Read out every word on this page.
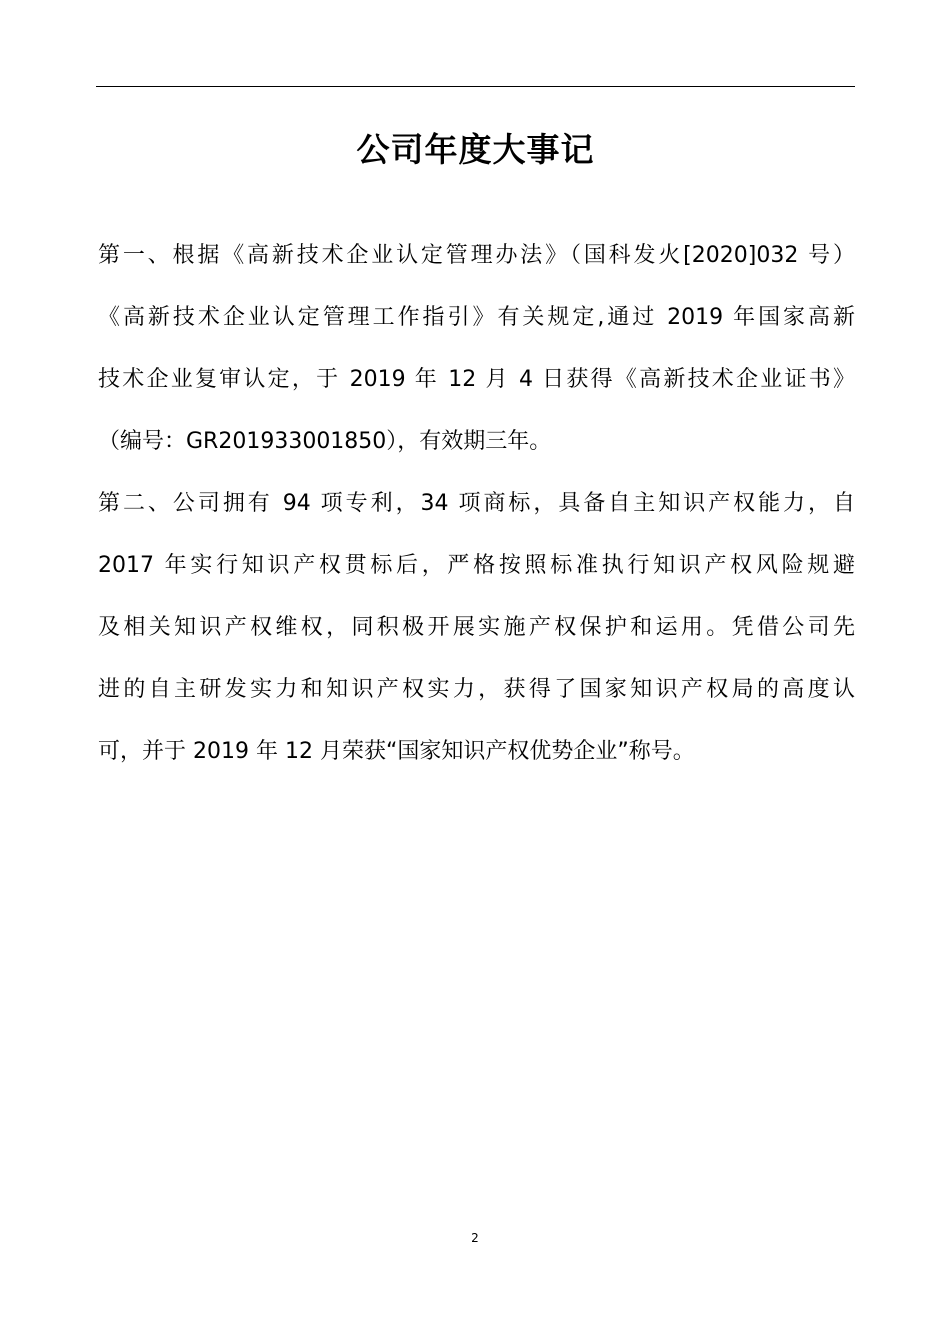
公司年度大事记
第一、根据《高新技术企业认定管理办法》（国科发火[2020]032 号）
《高新技术企业认定管理工作指引》有关规定,通过 2019 年国家高新
技术企业复审认定，于 2019 年 12 月 4 日获得《高新技术企业证书》
（编号：GR201933001850），有效期三年。
第二、公司拥有 94 项专利，34 项商标，具备自主知识产权能力，自
2017 年实行知识产权贯标后，严格按照标准执行知识产权风险规避
及相关知识产权维权，同积极开展实施产权保护和运用。凭借公司先
进的自主研发实力和知识产权实力，获得了国家知识产权局的高度认
可，并于 2019 年 12 月荣获“国家知识产权优势企业”称号。
2
